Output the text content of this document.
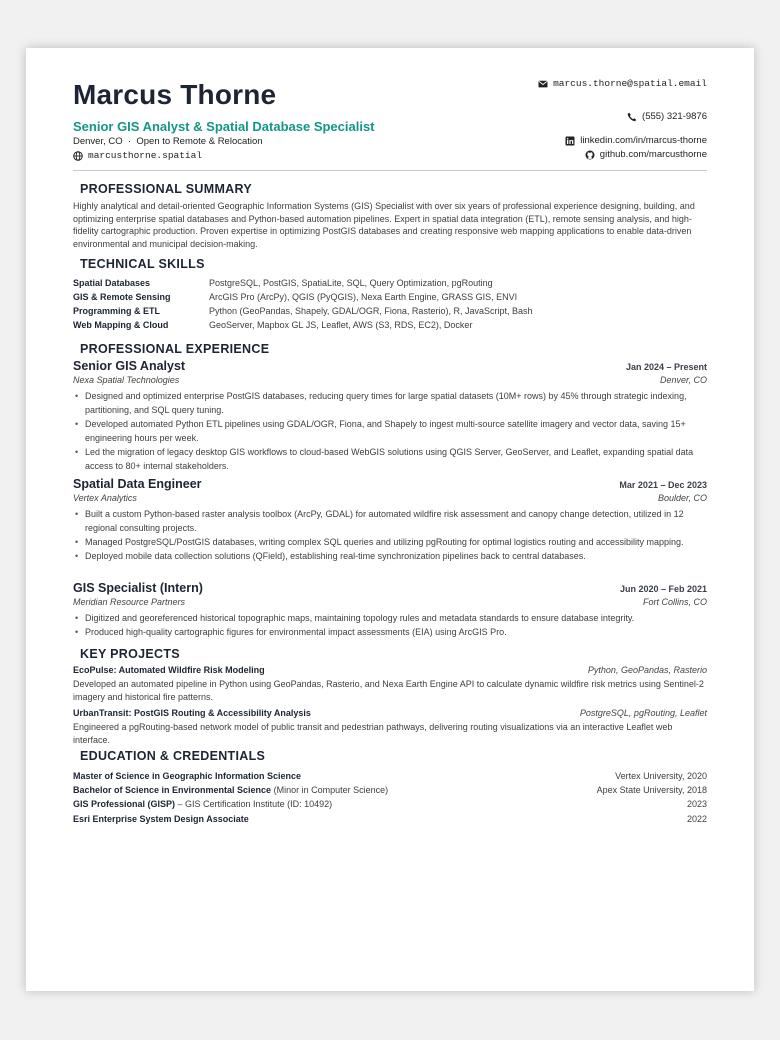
Marcus Thorne
Senior GIS Analyst & Spatial Database Specialist
Denver, CO · Open to Remote & Relocation
marcusthorne.spatial
marcus.thorne@spatial.email
(555) 321-9876
linkedin.com/in/marcus-thorne
github.com/marcusthorne
PROFESSIONAL SUMMARY
Highly analytical and detail-oriented Geographic Information Systems (GIS) Specialist with over six years of professional experience designing, building, and optimizing enterprise spatial databases and Python-based automation pipelines. Expert in spatial data integration (ETL), remote sensing analysis, and high-fidelity cartographic production. Proven expertise in optimizing PostGIS databases and creating responsive web mapping applications to enable data-driven environmental and municipal decision-making.
TECHNICAL SKILLS
Spatial Databases	PostgreSQL, PostGIS, SpatiaLite, SQL, Query Optimization, pgRouting
GIS & Remote Sensing	ArcGIS Pro (ArcPy), QGIS (PyQGIS), Nexa Earth Engine, GRASS GIS, ENVI
Programming & ETL	Python (GeoPandas, Shapely, GDAL/OGR, Fiona, Rasterio), R, JavaScript, Bash
Web Mapping & Cloud	GeoServer, Mapbox GL JS, Leaflet, AWS (S3, RDS, EC2), Docker
PROFESSIONAL EXPERIENCE
Senior GIS Analyst	Jan 2024 – Present
Nexa Spatial Technologies	Denver, CO
• Designed and optimized enterprise PostGIS databases, reducing query times for large spatial datasets (10M+ rows) by 45% through strategic indexing, partitioning, and SQL query tuning.
• Developed automated Python ETL pipelines using GDAL/OGR, Fiona, and Shapely to ingest multi-source satellite imagery and vector data, saving 15+ engineering hours per week.
• Led the migration of legacy desktop GIS workflows to cloud-based WebGIS solutions using QGIS Server, GeoServer, and Leaflet, expanding spatial data access to 80+ internal stakeholders.
Spatial Data Engineer	Mar 2021 – Dec 2023
Vertex Analytics	Boulder, CO
• Built a custom Python-based raster analysis toolbox (ArcPy, GDAL) for automated wildfire risk assessment and canopy change detection, utilized in 12 regional consulting projects.
• Managed PostgreSQL/PostGIS databases, writing complex SQL queries and utilizing pgRouting for optimal logistics routing and accessibility mapping.
• Deployed mobile data collection solutions (QField), establishing real-time synchronization pipelines back to central databases.
GIS Specialist (Intern)	Jun 2020 – Feb 2021
Meridian Resource Partners	Fort Collins, CO
• Digitized and georeferenced historical topographic maps, maintaining topology rules and metadata standards to ensure database integrity.
• Produced high-quality cartographic figures for environmental impact assessments (EIA) using ArcGIS Pro.
KEY PROJECTS
EcoPulse: Automated Wildfire Risk Modeling	Python, GeoPandas, Rasterio
Developed an automated pipeline in Python using GeoPandas, Rasterio, and Nexa Earth Engine API to calculate dynamic wildfire risk metrics using Sentinel-2 imagery and historical fire patterns.
UrbanTransit: PostGIS Routing & Accessibility Analysis	PostgreSQL, pgRouting, Leaflet
Engineered a pgRouting-based network model of public transit and pedestrian pathways, delivering routing visualizations via an interactive Leaflet web interface.
EDUCATION & CREDENTIALS
Master of Science in Geographic Information Science	Vertex University, 2020
Bachelor of Science in Environmental Science (Minor in Computer Science)	Apex State University, 2018
GIS Professional (GISP) – GIS Certification Institute (ID: 10492)	2023
Esri Enterprise System Design Associate	2022
